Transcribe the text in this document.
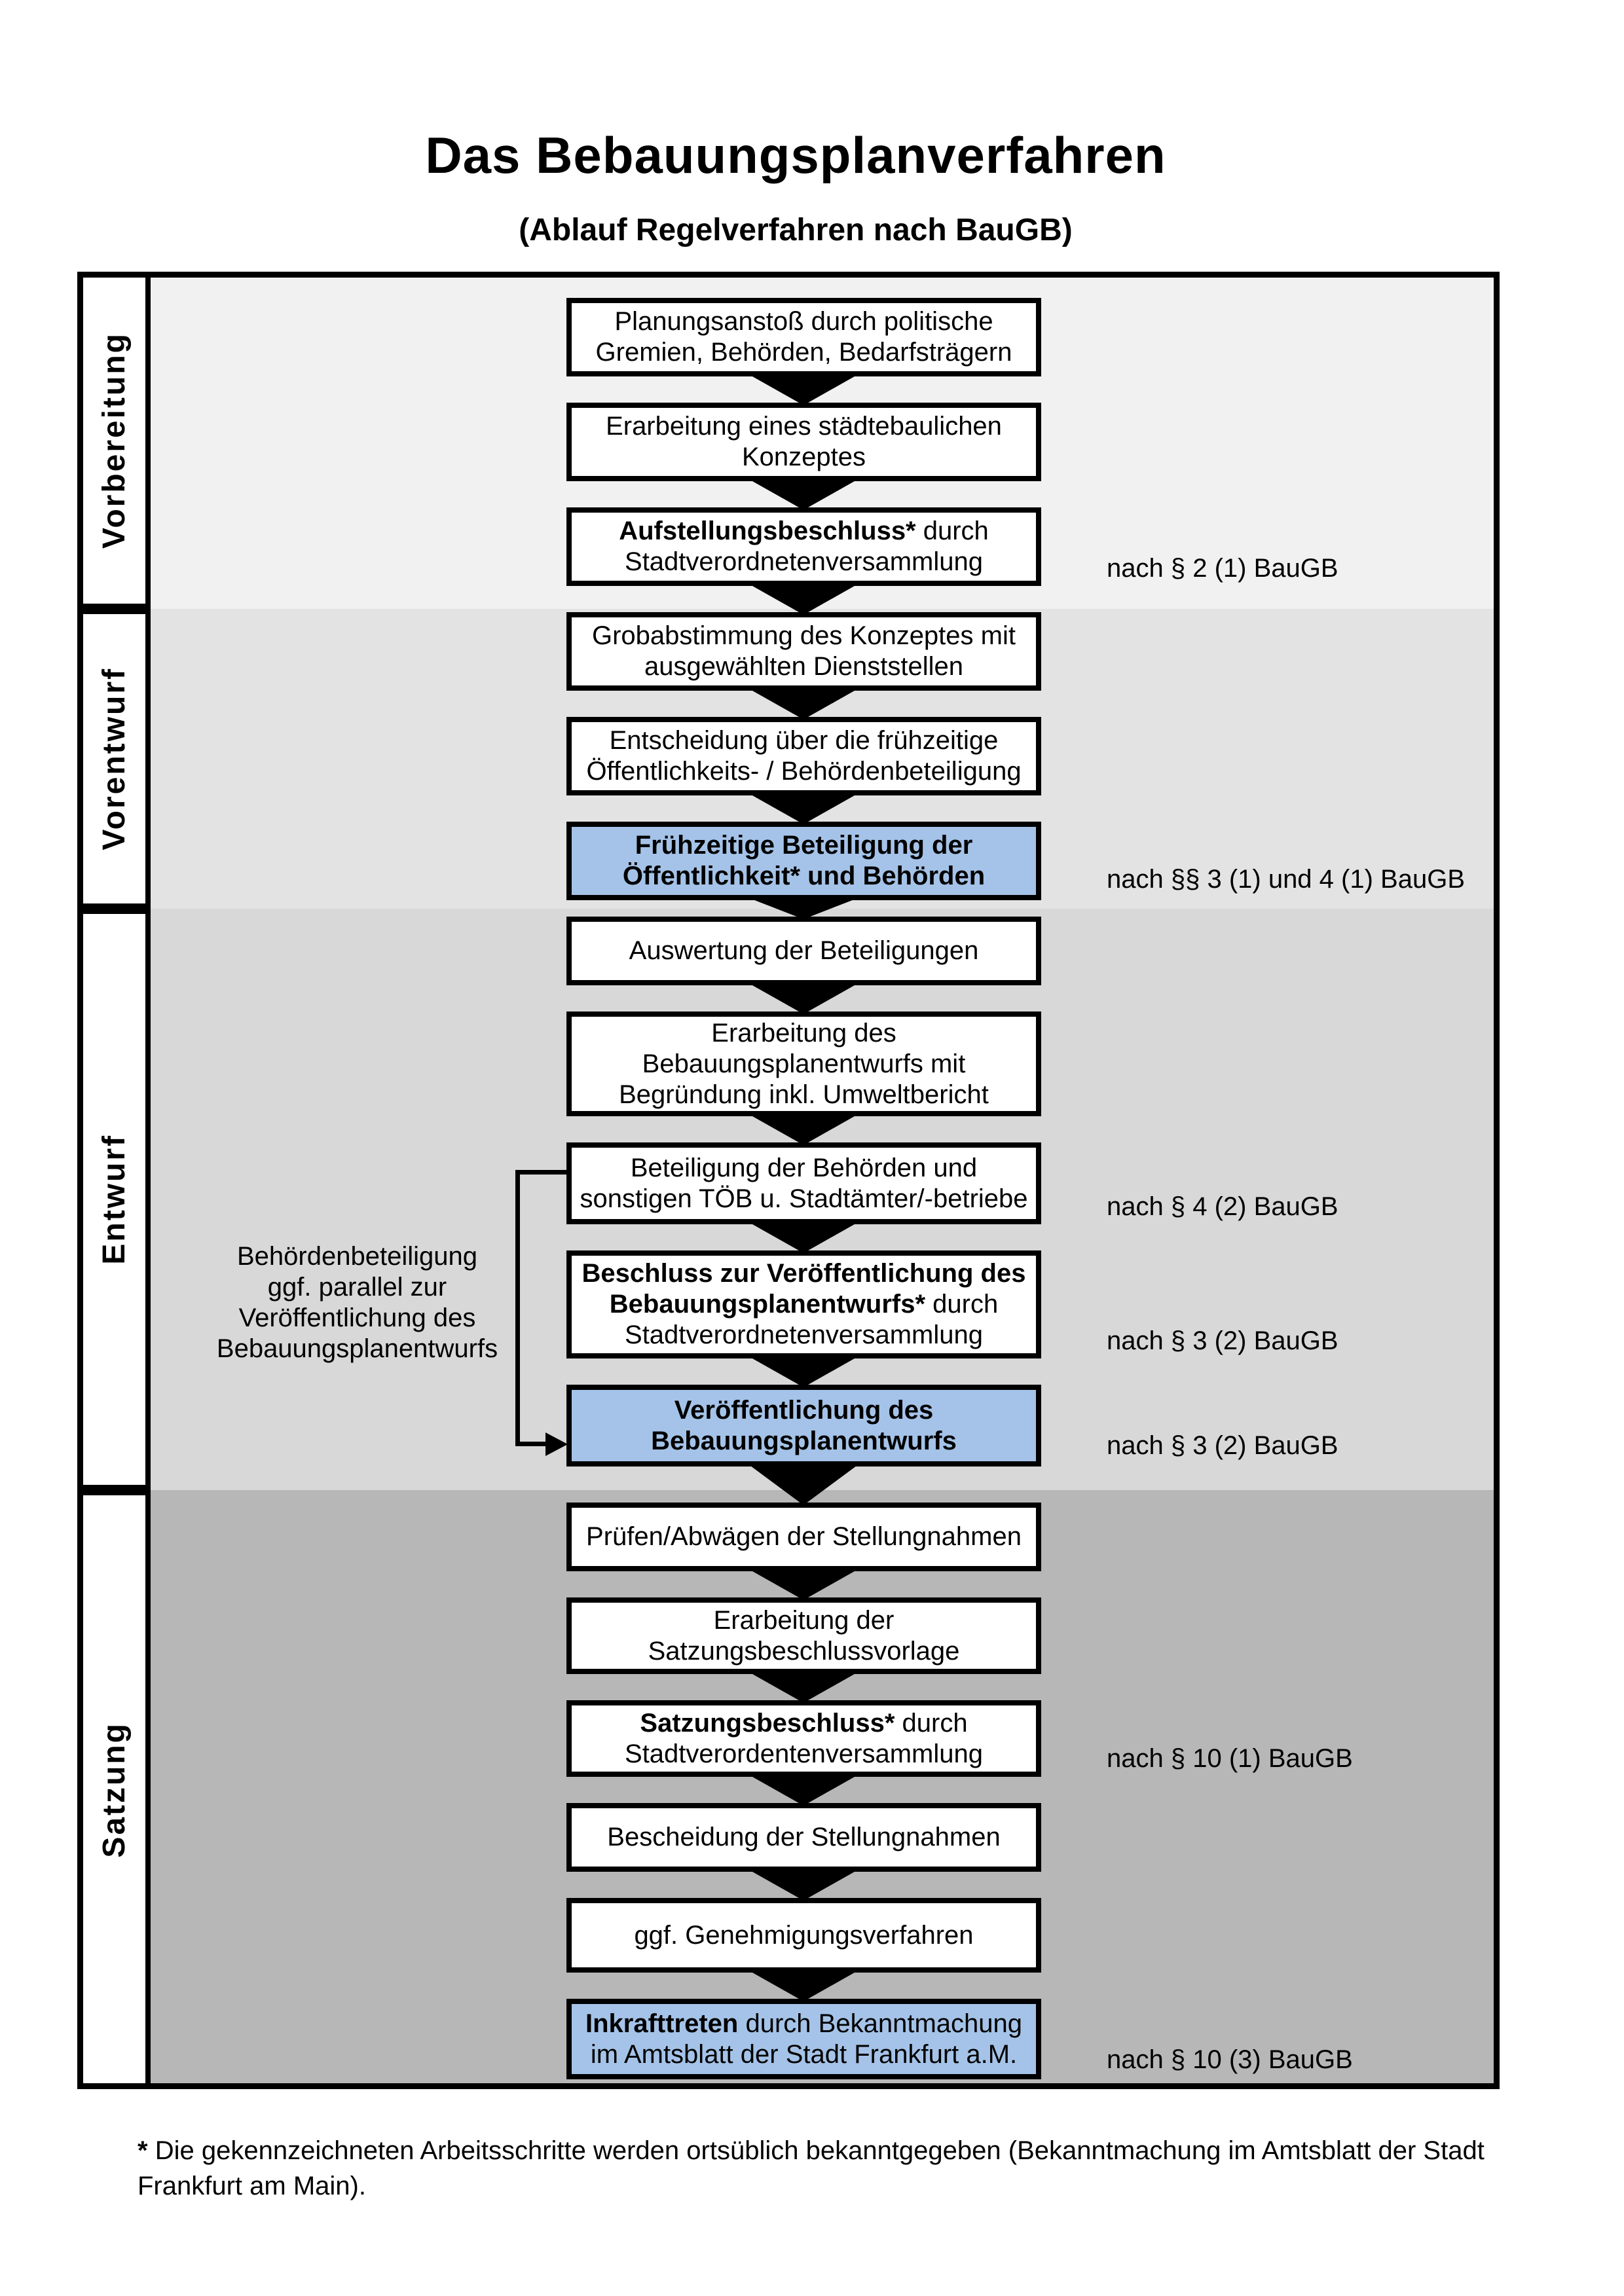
Das Bebauungsplanverfahren
(Ablauf Regelverfahren nach BauGB)
Vorbereitung
Vorentwurf
Entwurf
Satzung
Planungsanstoß durch politische
Gremien, Behörden, Bedarfsträgern
Erarbeitung eines städtebaulichen
Konzeptes
Aufstellungsbeschluss* durch
Stadtverordnetenversammlung
Grobabstimmung des Konzeptes mit
ausgewählten Dienststellen
Entscheidung über die frühzeitige
Öffentlichkeits- / Behördenbeteiligung
Frühzeitige Beteiligung der
Öffentlichkeit* und Behörden
Auswertung der Beteiligungen
Erarbeitung des
Bebauungsplanentwurfs mit
Begründung inkl. Umweltbericht
Beteiligung der Behörden und
sonstigen TÖB u. Stadtämter/-betriebe
Beschluss zur Veröffentlichung des
Bebauungsplanentwurfs* durch
Stadtverordnetenversammlung
Veröffentlichung des
Bebauungsplanentwurfs
Prüfen/Abwägen der Stellungnahmen
Erarbeitung der
Satzungsbeschlussvorlage
Satzungsbeschluss* durch
Stadtverordentenversammlung
Bescheidung der Stellungnahmen
ggf. Genehmigungsverfahren
Inkrafttreten durch Bekanntmachung
im Amtsblatt der Stadt Frankfurt a.M.
nach § 2 (1) BauGB
nach §§ 3 (1) und 4 (1) BauGB
nach § 4 (2) BauGB
nach § 3 (2) BauGB
nach § 3 (2) BauGB
nach § 10 (1) BauGB
nach § 10 (3) BauGB
Behördenbeteiligung
ggf. parallel zur
Veröffentlichung des
Bebauungsplanentwurfs
* Die gekennzeichneten Arbeitsschritte werden ortsüblich bekanntgegeben (Bekanntmachung im Amtsblatt der Stadt Frankfurt am Main).
